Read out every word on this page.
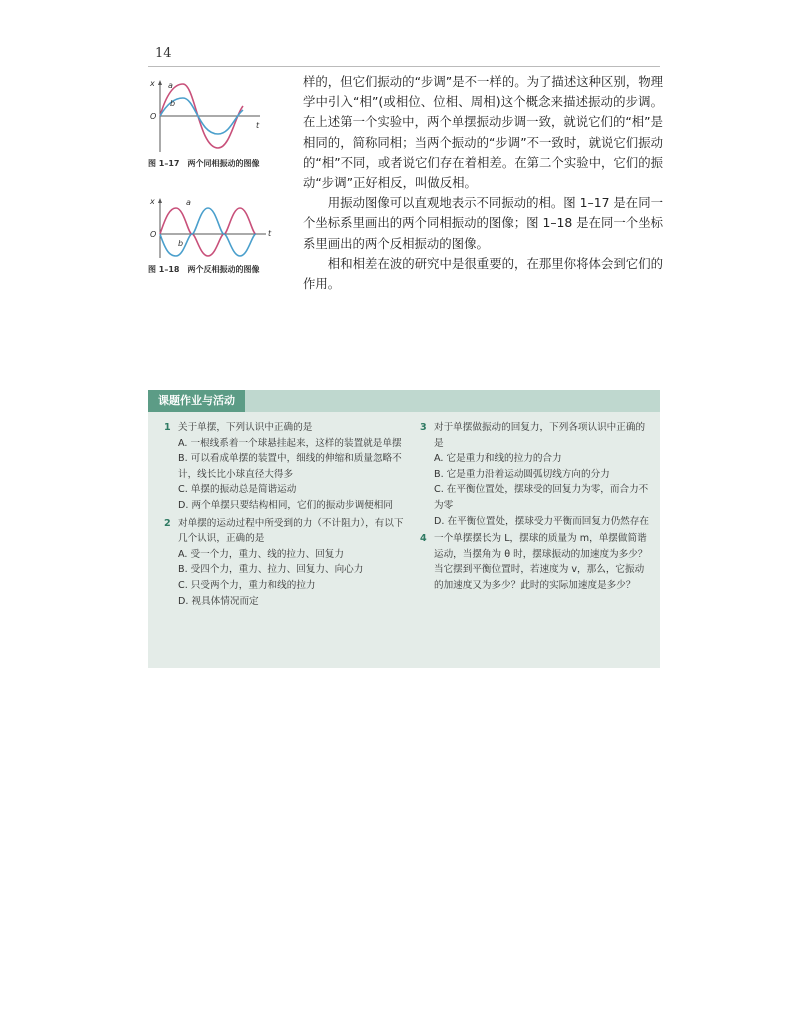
14
x a
b
O
t
图 1–17　两个同相振动的图像
x	a
b
O	t
图 1–18　两个反相振动的图像

样的，但它们振动的“步调”是不一样的。为了描述这种区别，物理学中引入“相”(或相位、位相、周相)这个概念来描述振动的步调。在上述第一个实验中，两个单摆振动步调一致，就说它们的“相”是相同的，简称同相；当两个振动的“步调”不一致时，就说它们振动的“相”不同，或者说它们存在着相差。在第二个实验中，它们的振动“步调”正好相反，叫做反相。

用振动图像可以直观地表示不同振动的相。图 1–17 是在同一个坐标系里画出的两个同相振动的图像；图 1–18 是在同一个坐标系里画出的两个反相振动的图像。

相和相差在波的研究中是很重要的，在那里你将体会到它们的作用。

课题作业与活动
1 关于单摆，下列认识中正确的是
A. 一根线系着一个球悬挂起来，这样的装置就是单摆
B. 可以看成单摆的装置中，细线的伸缩和质量忽略不计，线长比小球直径大得多
C. 单摆的振动总是简谐运动
D. 两个单摆只要结构相同，它们的振动步调便相同
2 对单摆的运动过程中所受到的力（不计阻力），有以下几个认识，正确的是
A. 受一个力，重力、线的拉力、回复力
B. 受四个力，重力、拉力、回复力、向心力
C. 只受两个力，重力和线的拉力
D. 视具体情况而定
3 对于单摆做振动的回复力，下列各项认识中正确的是
A. 它是重力和线的拉力的合力
B. 它是重力沿着运动圆弧切线方向的分力
C. 在平衡位置处，摆球受的回复力为零，而合力不为零
D. 在平衡位置处，摆球受力平衡而回复力仍然存在
4 一个单摆摆长为 L，摆球的质量为 m，单摆做简谐运动，当摆角为 θ 时，摆球振动的加速度为多少？当它摆到平衡位置时，若速度为 v，那么，它振动的加速度又为多少？此时的实际加速度是多少？
